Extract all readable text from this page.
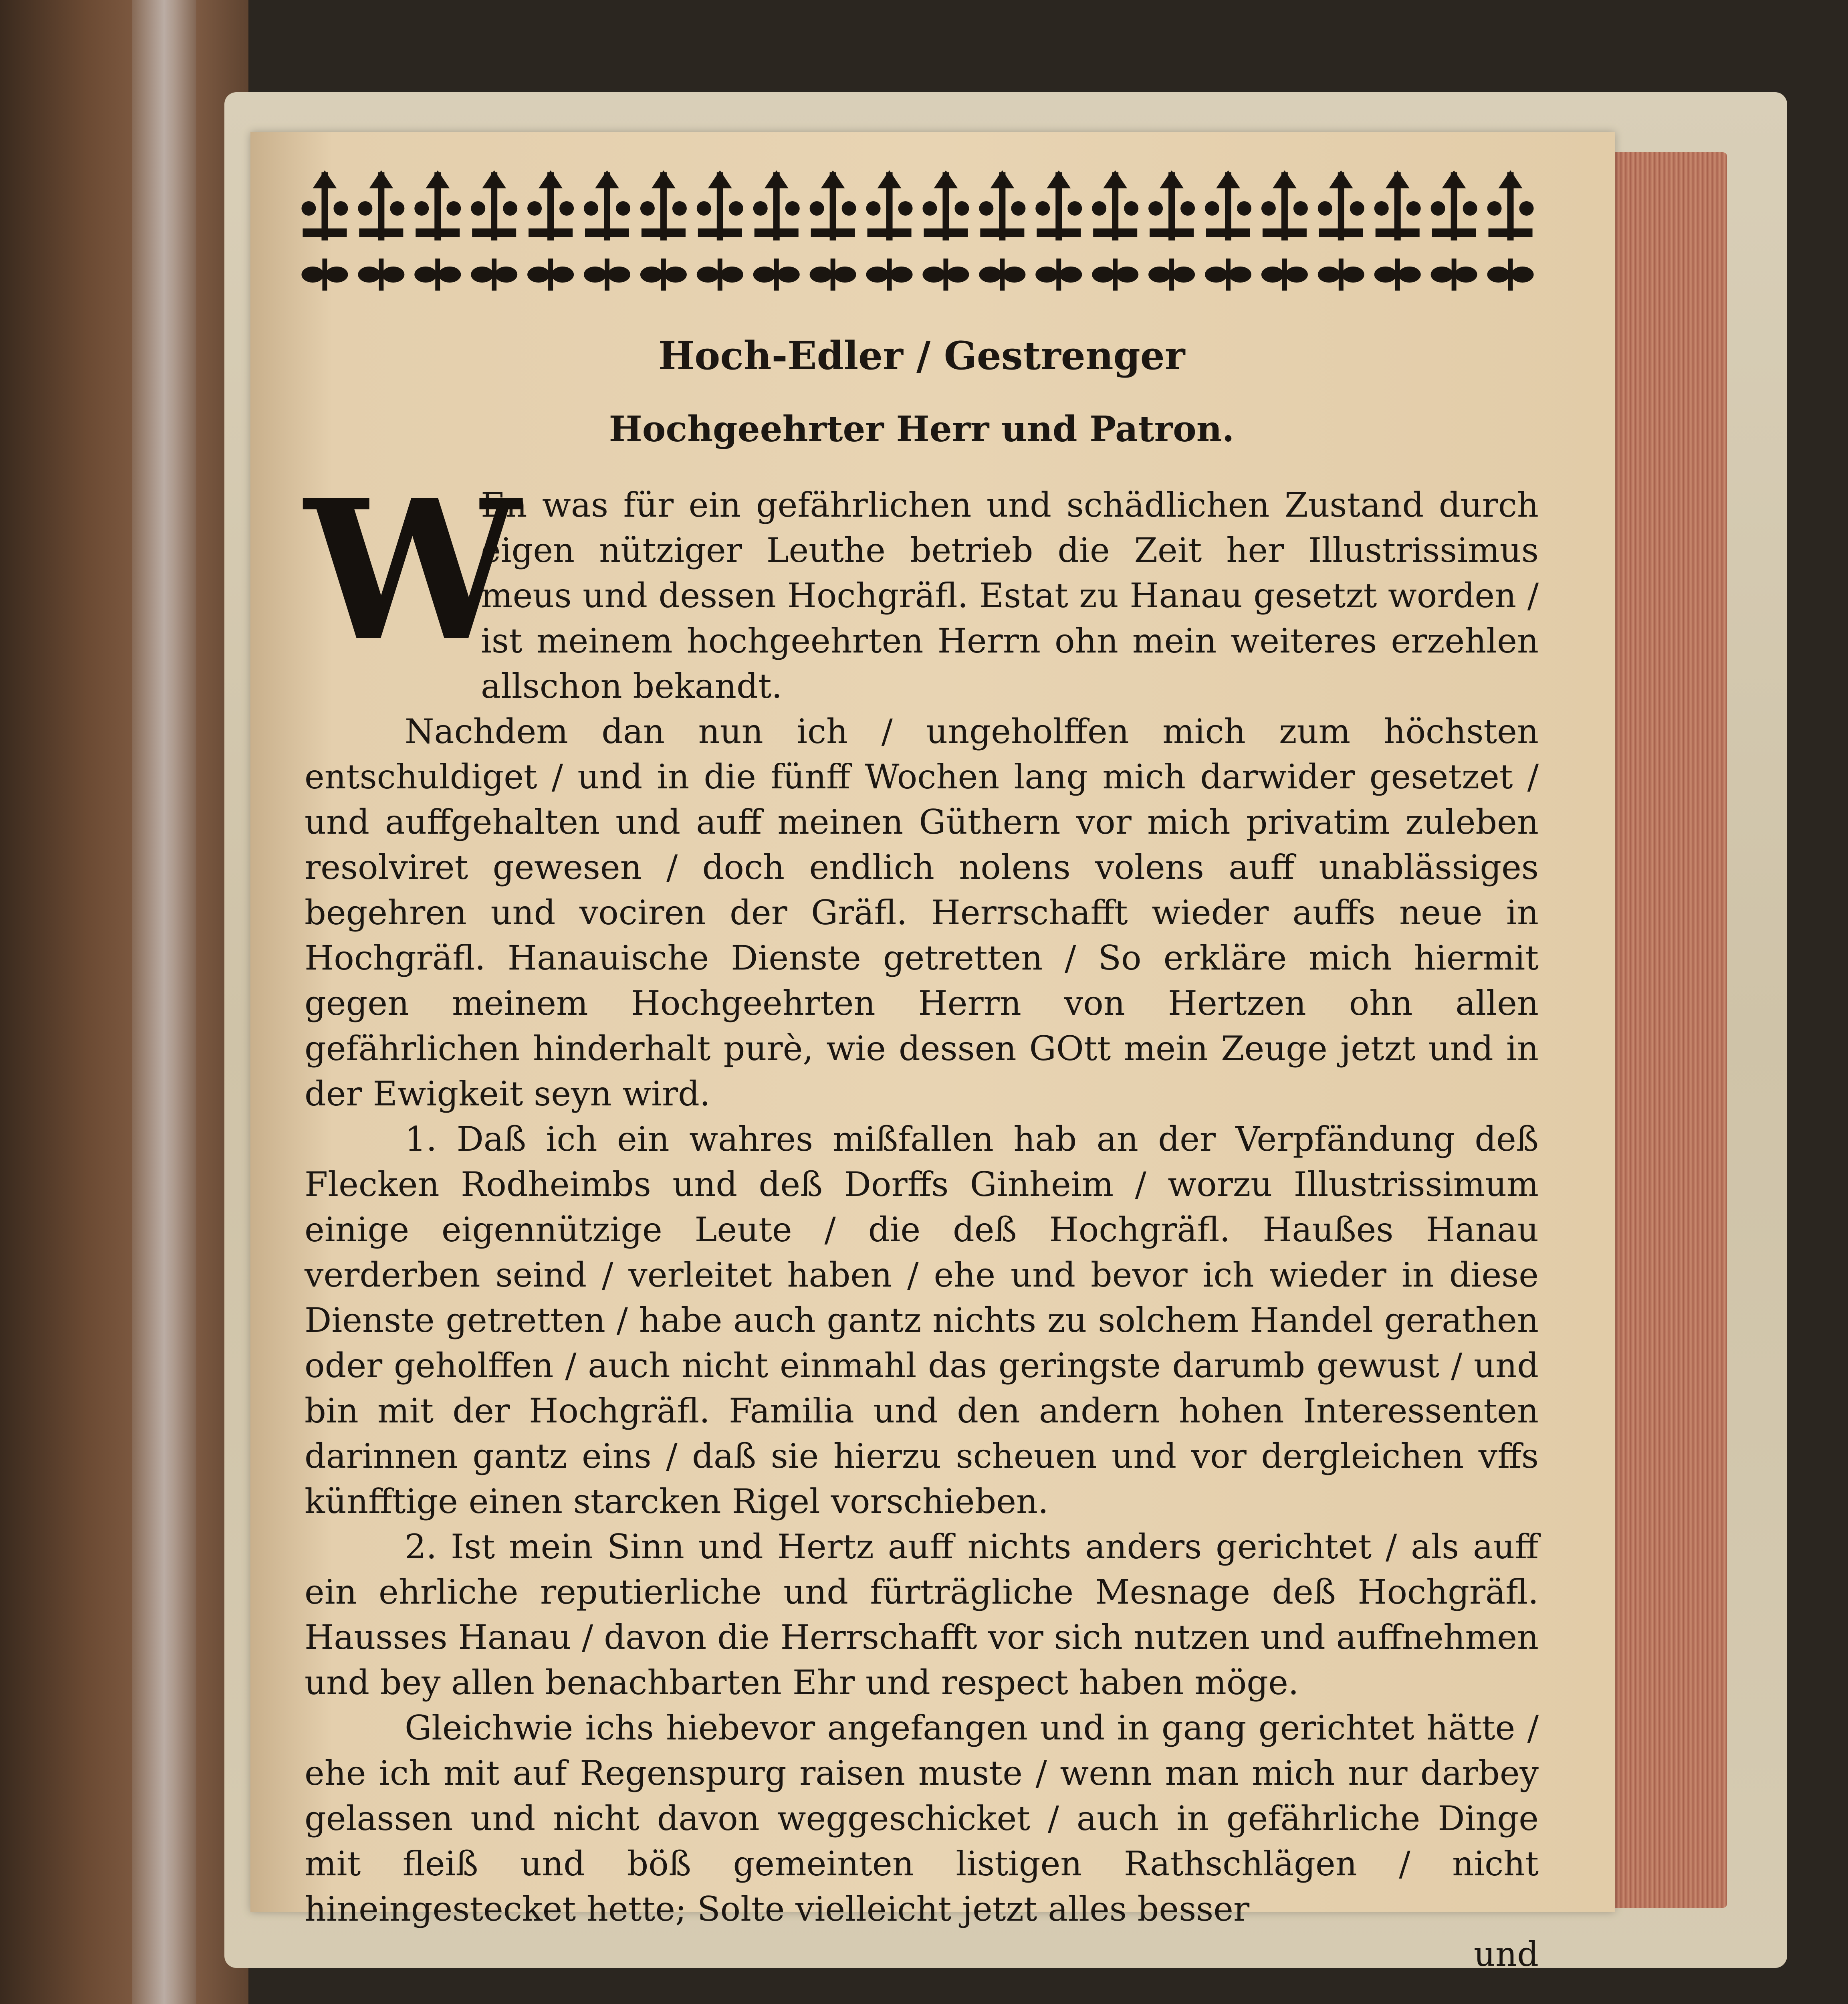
Hoch-Edler / Gestrenger
Hochgeehrter Herr und Patron.

W
En was für ein gefährlichen und schädlichen Zustand durch eigen nütziger Leuthe betrieb die Zeit her Illustrissimus meus und dessen Hochgräfl. Estat zu Hanau gesetzt worden / ist meinem hochgeehrten Herrn ohn mein weiteres erzehlen allschon bekandt.

Nachdem dan nun ich / ungeholffen mich zum höchsten entschuldiget / und in die fünff Wochen lang mich darwider gesetzet / und auffgehalten und auff meinen Güthern vor mich privatim zuleben resolviret gewesen / doch endlich nolens volens auff unablässiges begehren und vociren der Gräfl. Herrschafft wieder auffs neue in Hochgräfl. Hanauische Dienste getretten / So erkläre mich hiermit gegen meinem Hochgeehrten Herrn von Hertzen ohn allen gefährlichen hinderhalt purè, wie dessen GOtt mein Zeuge jetzt und in der Ewigkeit seyn wird.

1. Daß ich ein wahres mißfallen hab an der Verpfändung deß Flecken Rodheimbs und deß Dorffs Ginheim / worzu Illustrissimum einige eigennützige Leute / die deß Hochgräfl. Haußes Hanau verderben seind / verleitet haben / ehe und bevor ich wieder in diese Dienste getretten / habe auch gantz nichts zu solchem Handel gerathen oder geholffen / auch nicht einmahl das geringste darumb gewust / und bin mit der Hochgräfl. Familia und den andern hohen Interessenten darinnen gantz eins / daß sie hierzu scheuen und vor dergleichen vffs künfftige einen starcken Rigel vorschieben.

2. Ist mein Sinn und Hertz auff nichts anders gerichtet / als auff ein ehrliche reputierliche und fürträgliche Mesnage deß Hochgräfl. Hausses Hanau / davon die Herrschafft vor sich nutzen und auffnehmen und bey allen benachbarten Ehr und respect haben möge.

Gleichwie ichs hiebevor angefangen und in gang gerichtet hätte / ehe ich mit auf Regenspurg raisen muste / wenn man mich nur darbey gelassen und nicht davon weggeschicket / auch in gefährliche Dinge mit fleiß und böß gemeinten listigen Rathschlägen / nicht hineingestecket hette; Solte vielleicht jetzt alles besser

und
